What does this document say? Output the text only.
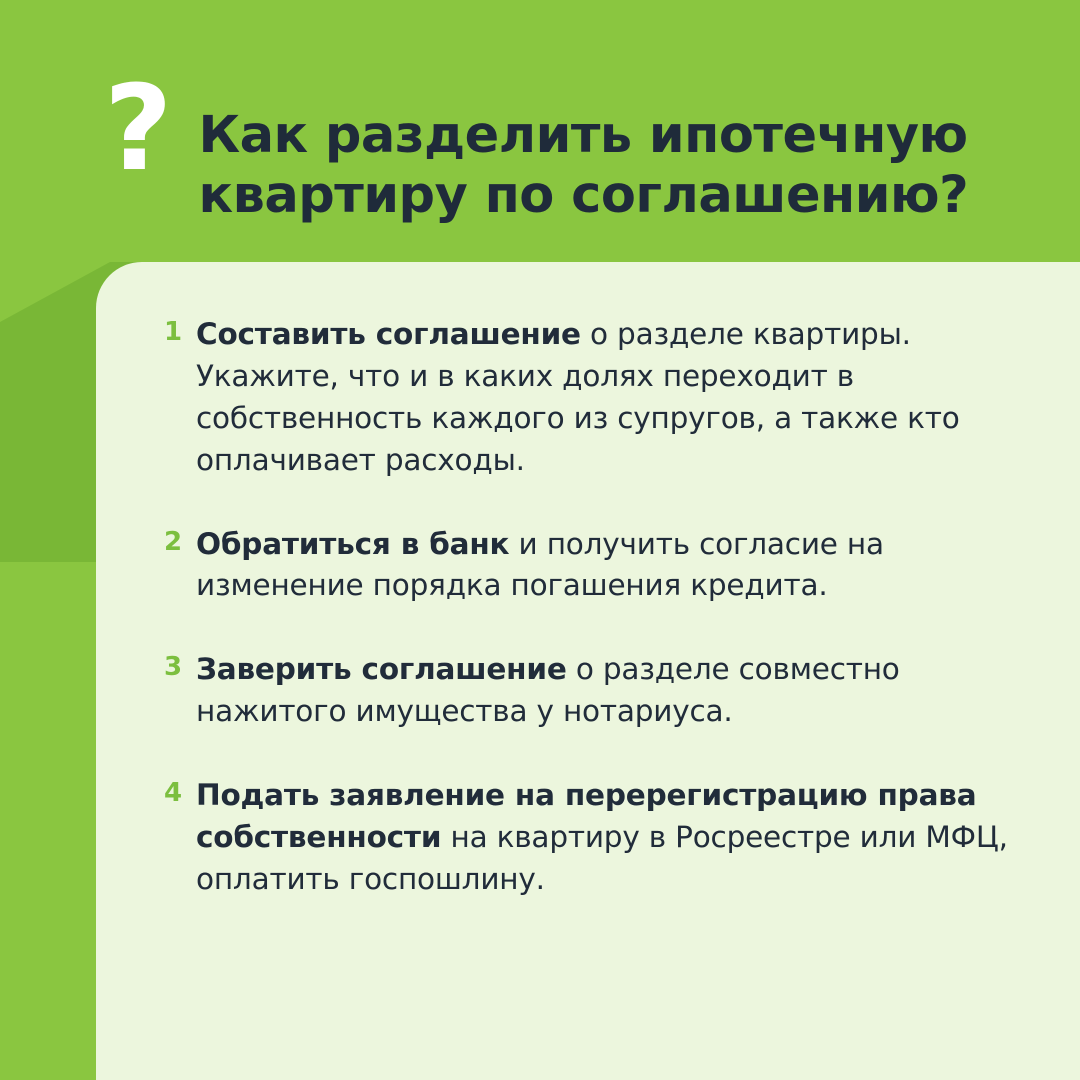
? Как разделить ипотечную квартиру по соглашению?
1 Составить соглашение о разделе квартиры. Укажите, что и в каких долях переходит в собственность каждого из супругов, а также кто оплачивает расходы.
2 Обратиться в банк и получить согласие на изменение порядка погашения кредита.
3 Заверить соглашение о разделе совместно нажитого имущества у нотариуса.
4 Подать заявление на перерегистрацию права собственности на квартиру в Росреестре или МФЦ, оплатить госпошлину.
